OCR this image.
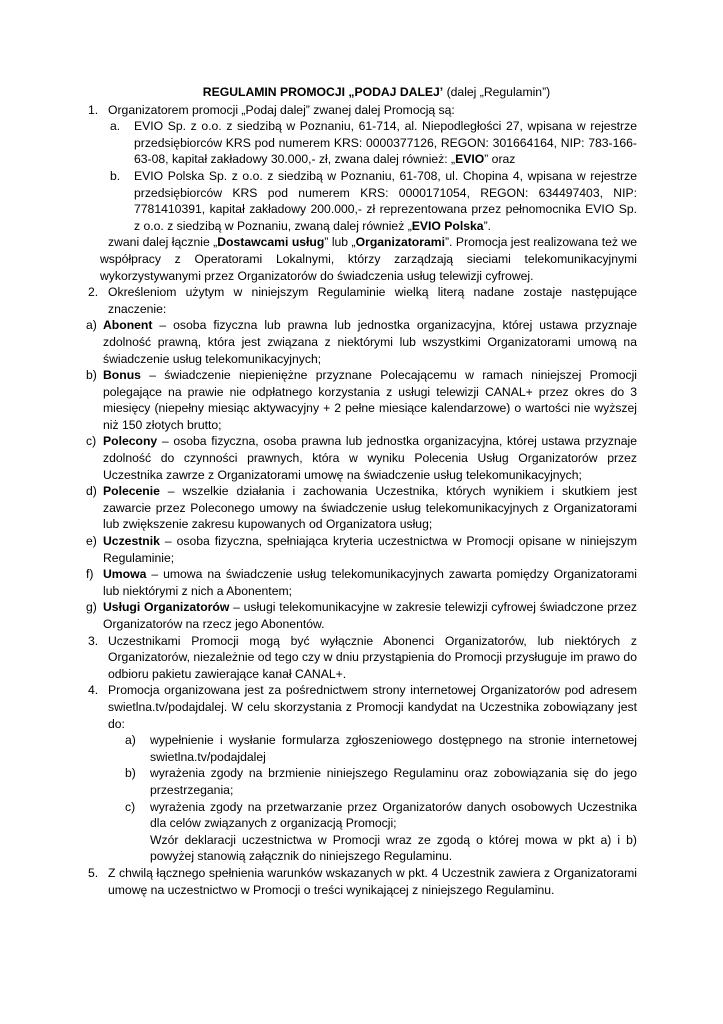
REGULAMIN PROMOCJI „PODAJ DALEJ’ (dalej „Regulamin”)
1. Organizatorem promocji „Podaj dalej” zwanej dalej Promocją są:
a. EVIO Sp. z o.o. z siedzibą w Poznaniu, 61-714, al. Niepodległości 27, wpisana w rejestrze przedsiębiorców KRS pod numerem KRS: 0000377126, REGON: 301664164, NIP: 783-166-63-08, kapitał zakładowy 30.000,- zł, zwana dalej również: „EVIO” oraz
b. EVIO Polska Sp. z o.o. z siedzibą w Poznaniu, 61-708, ul. Chopina 4, wpisana w rejestrze przedsiębiorców KRS pod numerem KRS: 0000171054, REGON: 634497403, NIP: 7781410391, kapitał zakładowy 200.000,- zł reprezentowana przez pełnomocnika EVIO Sp. z o.o. z siedzibą w Poznaniu, zwaną dalej również „EVIO Polska”.
zwani dalej łącznie „Dostawcami usług” lub „Organizatorami”. Promocja jest realizowana też we współpracy z Operatorami Lokalnymi, którzy zarządzają sieciami telekomunikacyjnymi wykorzystywanymi przez Organizatorów do świadczenia usług telewizji cyfrowej.
2. Określeniom użytym w niniejszym Regulaminie wielką literą nadane zostaje następujące znaczenie:
a) Abonent – osoba fizyczna lub prawna lub jednostka organizacyjna, której ustawa przyznaje zdolność prawną, która jest związana z niektórymi lub wszystkimi Organizatorami umową na świadczenie usług telekomunikacyjnych;
b) Bonus – świadczenie niepieniężne przyznane Polecającemu w ramach niniejszej Promocji polegające na prawie nie odpłatnego korzystania z usługi telewizji CANAL+ przez okres do 3 miesięcy (niepełny miesiąc aktywacyjny + 2 pełne miesiące kalendarzowe) o wartości nie wyższej niż 150 złotych brutto;
c) Polecony – osoba fizyczna, osoba prawna lub jednostka organizacyjna, której ustawa przyznaje zdolność do czynności prawnych, która w wyniku Polecenia Usług Organizatorów przez Uczestnika zawrze z Organizatorami umowę na świadczenie usług telekomunikacyjnych;
d) Polecenie – wszelkie działania i zachowania Uczestnika, których wynikiem i skutkiem jest zawarcie przez Poleconego umowy na świadczenie usług telekomunikacyjnych z Organizatorami lub zwiększenie zakresu kupowanych od Organizatora usług;
e) Uczestnik – osoba fizyczna, spełniająca kryteria uczestnictwa w Promocji opisane w niniejszym Regulaminie;
f) Umowa – umowa na świadczenie usług telekomunikacyjnych zawarta pomiędzy Organizatorami lub niektórymi z nich a Abonentem;
g) Usługi Organizatorów – usługi telekomunikacyjne w zakresie telewizji cyfrowej świadczone przez Organizatorów na rzecz jego Abonentów.
3. Uczestnikami Promocji mogą być wyłącznie Abonenci Organizatorów, lub niektórych z Organizatorów, niezależnie od tego czy w dniu przystąpienia do Promocji przysługuje im prawo do odbioru pakietu zawierające kanał CANAL+.
4. Promocja organizowana jest za pośrednictwem strony internetowej Organizatorów pod adresem swietlna.tv/podajdalej. W celu skorzystania z Promocji kandydat na Uczestnika zobowiązany jest do:
a) wypełnienie i wysłanie formularza zgłoszeniowego dostępnego na stronie internetowej swietlna.tv/podajdalej
b) wyrażenia zgody na brzmienie niniejszego Regulaminu oraz zobowiązania się do jego przestrzegania;
c) wyrażenia zgody na przetwarzanie przez Organizatorów danych osobowych Uczestnika dla celów związanych z organizacją Promocji;
Wzór deklaracji uczestnictwa w Promocji wraz ze zgodą o której mowa w pkt a) i b) powyżej stanowią załącznik do niniejszego Regulaminu.
5. Z chwilą łącznego spełnienia warunków wskazanych w pkt. 4 Uczestnik zawiera z Organizatorami umowę na uczestnictwo w Promocji o treści wynikającej z niniejszego Regulaminu.
